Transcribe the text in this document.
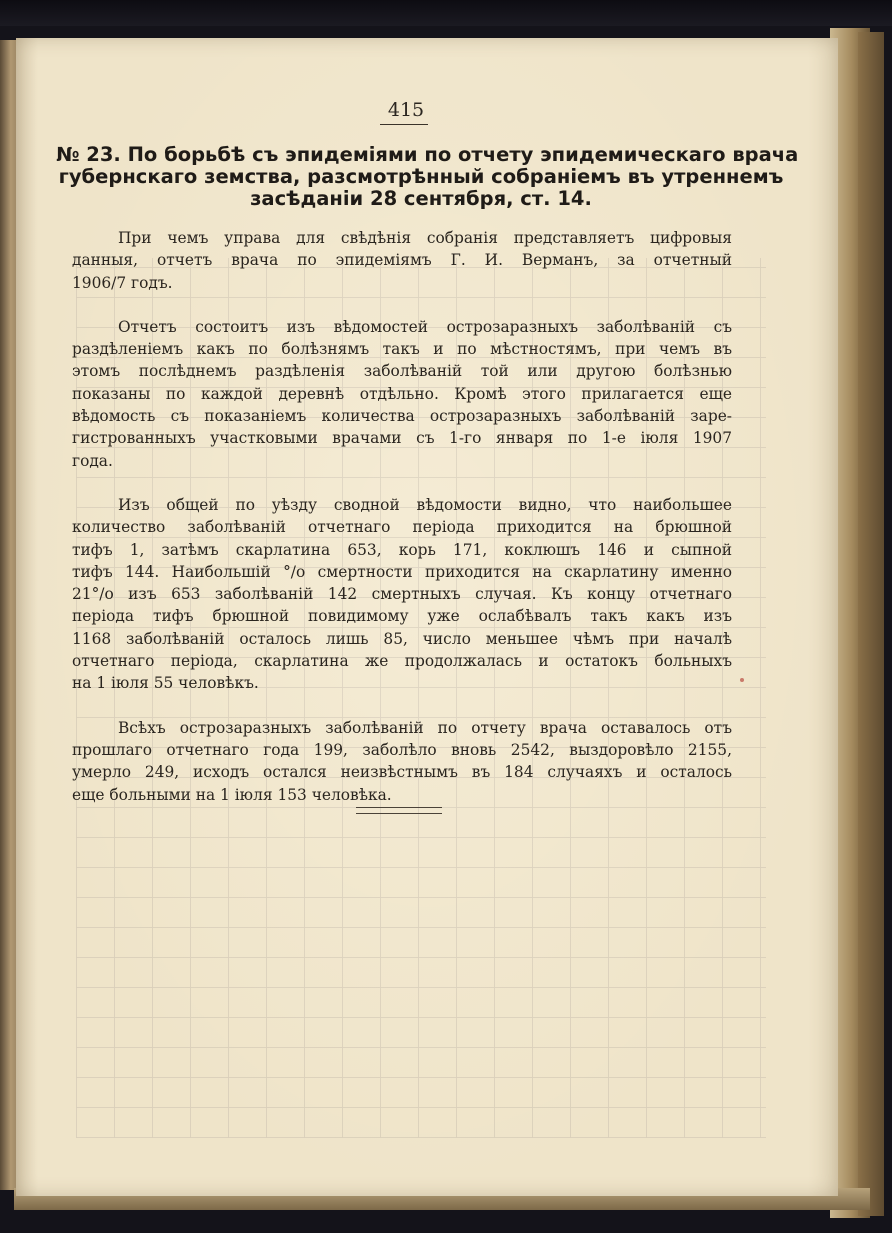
415
№ 23. По борьбѣ съ эпидеміями по отчету эпидемическаго врача
губернскаго земства, разсмотрѣнный собраніемъ въ утреннемъ
засѣданіи 28 сентября, ст. 14.

При чемъ управа для свѣдѣнія собранія представляетъ цифровыя
данныя, отчетъ врача по эпидеміямъ Г. И. Верманъ, за отчетный
1906/7 годъ.

Отчетъ состоитъ изъ вѣдомостей острозаразныхъ заболѣваній съ
раздѣленіемъ какъ по болѣзнямъ такъ и по мѣстностямъ, при чемъ въ
этомъ послѣднемъ раздѣленія заболѣваній той или другою болѣзнью
показаны по каждой деревнѣ отдѣльно. Кромѣ этого прилагается еще
вѣдомость съ показаніемъ количества острозаразныхъ заболѣваній заре-
гистрованныхъ участковыми врачами съ 1-го января по 1-е іюля 1907
года.

Изъ общей по уѣзду сводной вѣдомости видно, что наибольшее
количество заболѣваній отчетнаго періода приходится на брюшной
тифъ 1, затѣмъ скарлатина 653, корь 171, коклюшъ 146 и сыпной
тифъ 144. Наибольшій °/о смертности приходится на скарлатину именно
21°/о изъ 653 заболѣваній 142 смертныхъ случая. Къ концу отчетнаго
періода тифъ брюшной повидимому уже ослабѣвалъ такъ какъ изъ
1168 заболѣваній осталось лишь 85, число меньшее чѣмъ при началѣ
отчетнаго періода, скарлатина же продолжалась и остатокъ больныхъ
на 1 іюля 55 человѣкъ.

Всѣхъ острозаразныхъ заболѣваній по отчету врача оставалось отъ
прошлаго отчетнаго года 199, заболѣло вновь 2542, выздоровѣло 2155,
умерло 249, исходъ остался неизвѣстнымъ въ 184 случаяхъ и осталось
еще больными на 1 іюля 153 человѣка.
